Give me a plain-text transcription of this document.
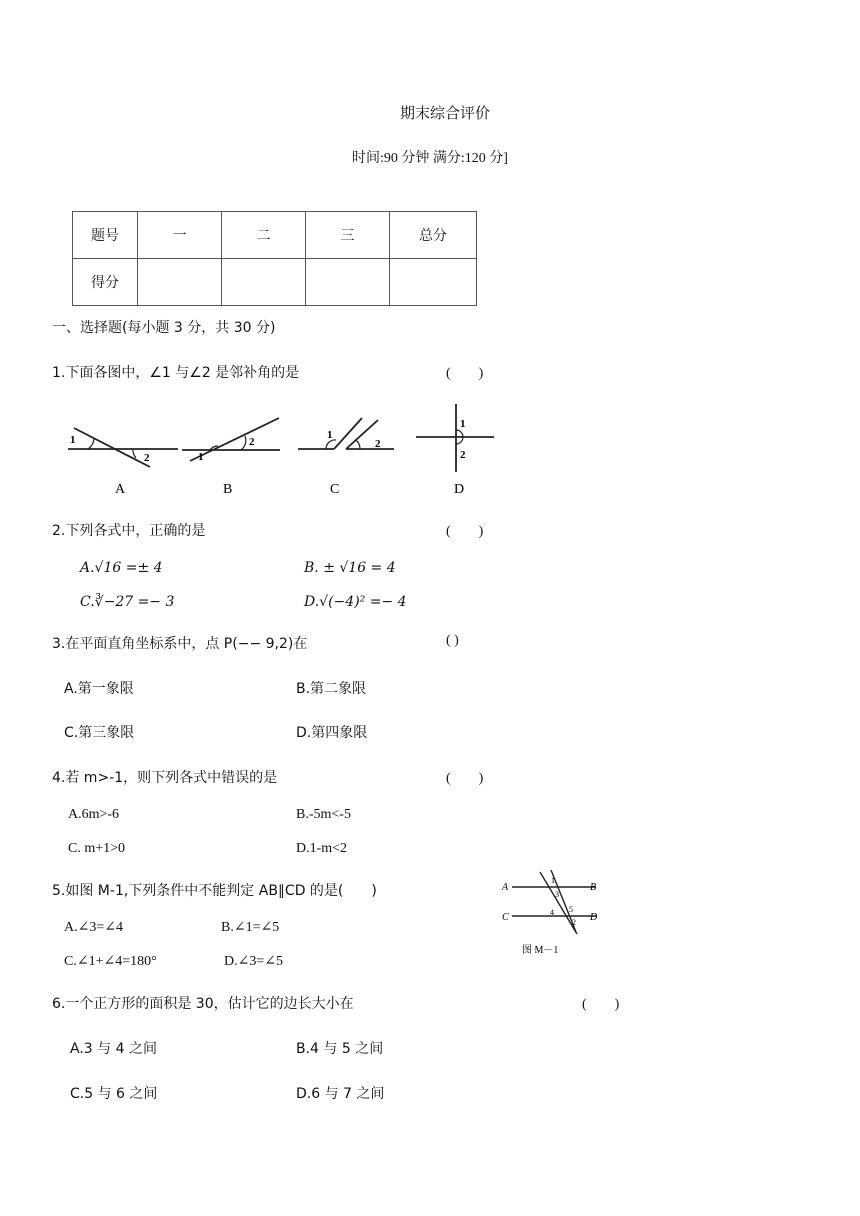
期末综合评价
时间:90 分钟 满分:120 分]
题号	一	二	三	总分
得分				
一、选择题(每小题 3 分，共 30 分)
1.下面各图中，∠1 与∠2 是邻补角的是	(　　)
1
2
A
1
2
B
1
2
C
1
2
D
2.下列各式中，正确的是	(　　)
A.√16 =± 4	B. ± √16 = 4
C.∛−27 =− 3	D.√(−4)² =− 4
3.在平面直角坐标系中，点 P(−− 9,2)在	( )
A.第一象限	B.第二象限
C.第三象限	D.第四象限
4.若 m>-1，则下列各式中错误的是	(　　)
A.6m>-6	B.-5m<-5
C. m+1>0	D.1-m<2
5.如图 M-1,下列条件中不能判定 AB∥CD 的是(　　)
A.∠3=∠4	B.∠1=∠5
C.∠1+∠4=180°	D.∠3=∠5
A	B
C	D
1
3
4 5
2
图 M－1
6.一个正方形的面积是 30，估计它的边长大小在	(　　)
A.3 与 4 之间	B.4 与 5 之间
C.5 与 6 之间	D.6 与 7 之间
